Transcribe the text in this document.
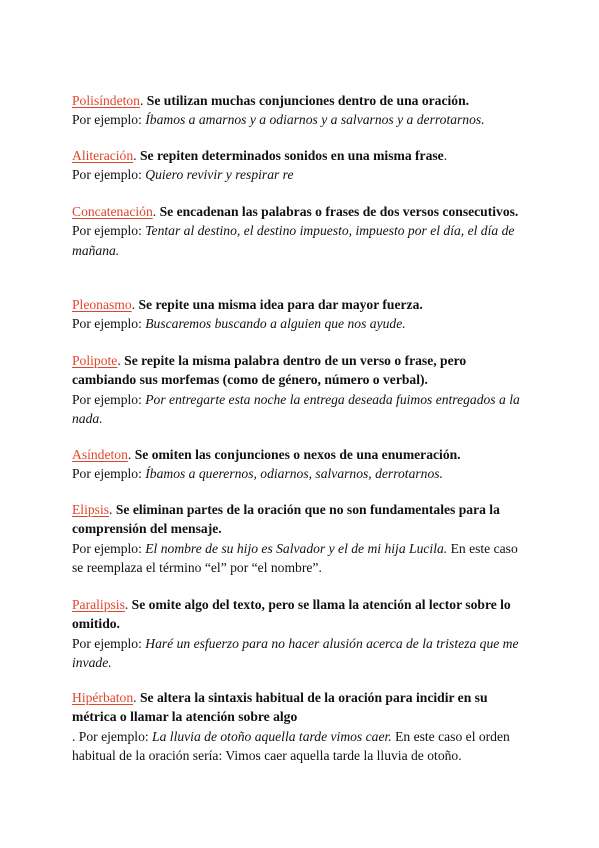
Polisíndeton. Se utilizan muchas conjunciones dentro de una oración.

Por ejemplo: Íbamos a amarnos y a odiarnos y a salvarnos y a derrotarnos.

Aliteración. Se repiten determinados sonidos en una misma frase.

Por ejemplo: Quiero revivir y respirar re

Concatenación. Se encadenan las palabras o frases de dos versos consecutivos.

Por ejemplo: Tentar al destino, el destino impuesto, impuesto por el día, el día de mañana.

Pleonasmo. Se repite una misma idea para dar mayor fuerza.

Por ejemplo: Buscaremos buscando a alguien que nos ayude.

Polipote. Se repite la misma palabra dentro de un verso o frase, pero cambiando sus morfemas (como de género, número o verbal).

Por ejemplo: Por entregarte esta noche la entrega deseada fuimos entregados a la nada.

Asíndeton. Se omiten las conjunciones o nexos de una enumeración.

Por ejemplo: Íbamos a querernos, odiarnos, salvarnos, derrotarnos.

Elipsis. Se eliminan partes de la oración que no son fundamentales para la comprensión del mensaje.

Por ejemplo: El nombre de su hijo es Salvador y el de mi hija Lucila. En este caso se reemplaza el término “el” por “el nombre”.

Paralipsis. Se omite algo del texto, pero se llama la atención al lector sobre lo omitido.

Por ejemplo: Haré un esfuerzo para no hacer alusión acerca de la tristeza que me invade.

Hipérbaton. Se altera la sintaxis habitual de la oración para incidir en su métrica o llamar la atención sobre algo

. Por ejemplo: La lluvia de otoño aquella tarde vimos caer. En este caso el orden habitual de la oración sería: Vimos caer aquella tarde la lluvia de otoño.
